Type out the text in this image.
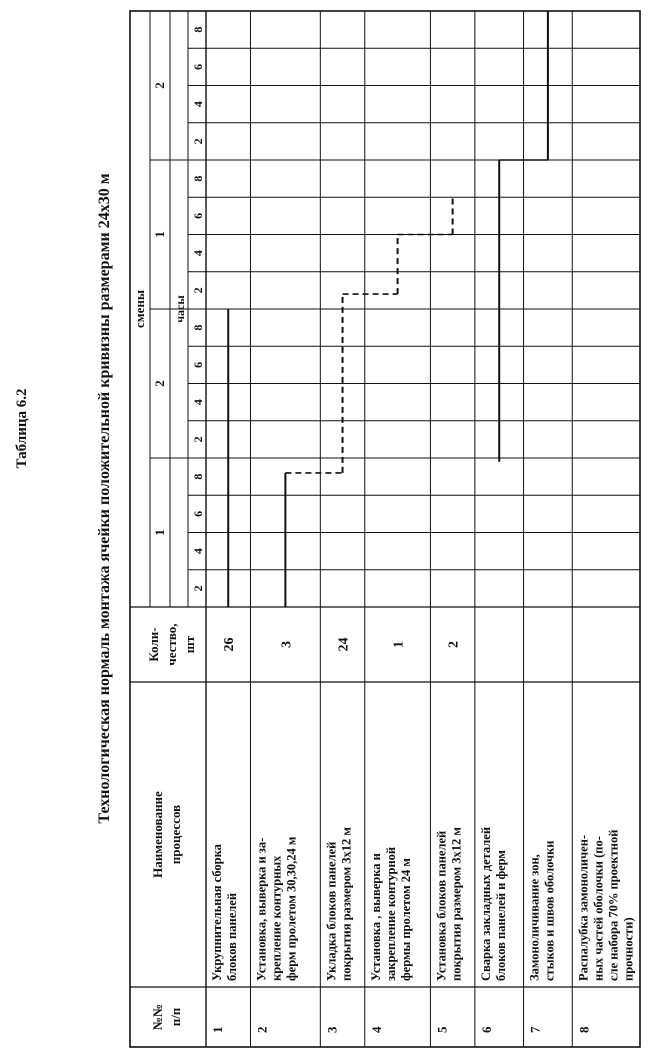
Таблица 6.2	Технологическая нормаль монтажа ячейки положительной кривизны размерами 24х30 м
№№ п/п
Наименование процессов
Коли- чество, шт
смены часы
1
2
1
2
2
4
6
8
2
4
6
8
2
4
6
8
2
4
6
8
1
Укрупнительная сборка блоков панелей
26
2
Установка, выверка и за- крепление контурных ферм пролетом 30,30,24 м
3
3
Укладка блоков панелей покрытия размером 3х12 м
24
4
Установка , выверка и закрепление контурной фермы пролетом 24 м
1
5
Установка блоков панелей покрытия размером 3х12 м
2
6
Сварка закладных деталей блоков панелей и ферм
7
Замоноличивание зон, стыков и швов оболочки
8
Распалубка замоноличен- ных частей оболочки (по- сле набора 70% проектной прочности)
